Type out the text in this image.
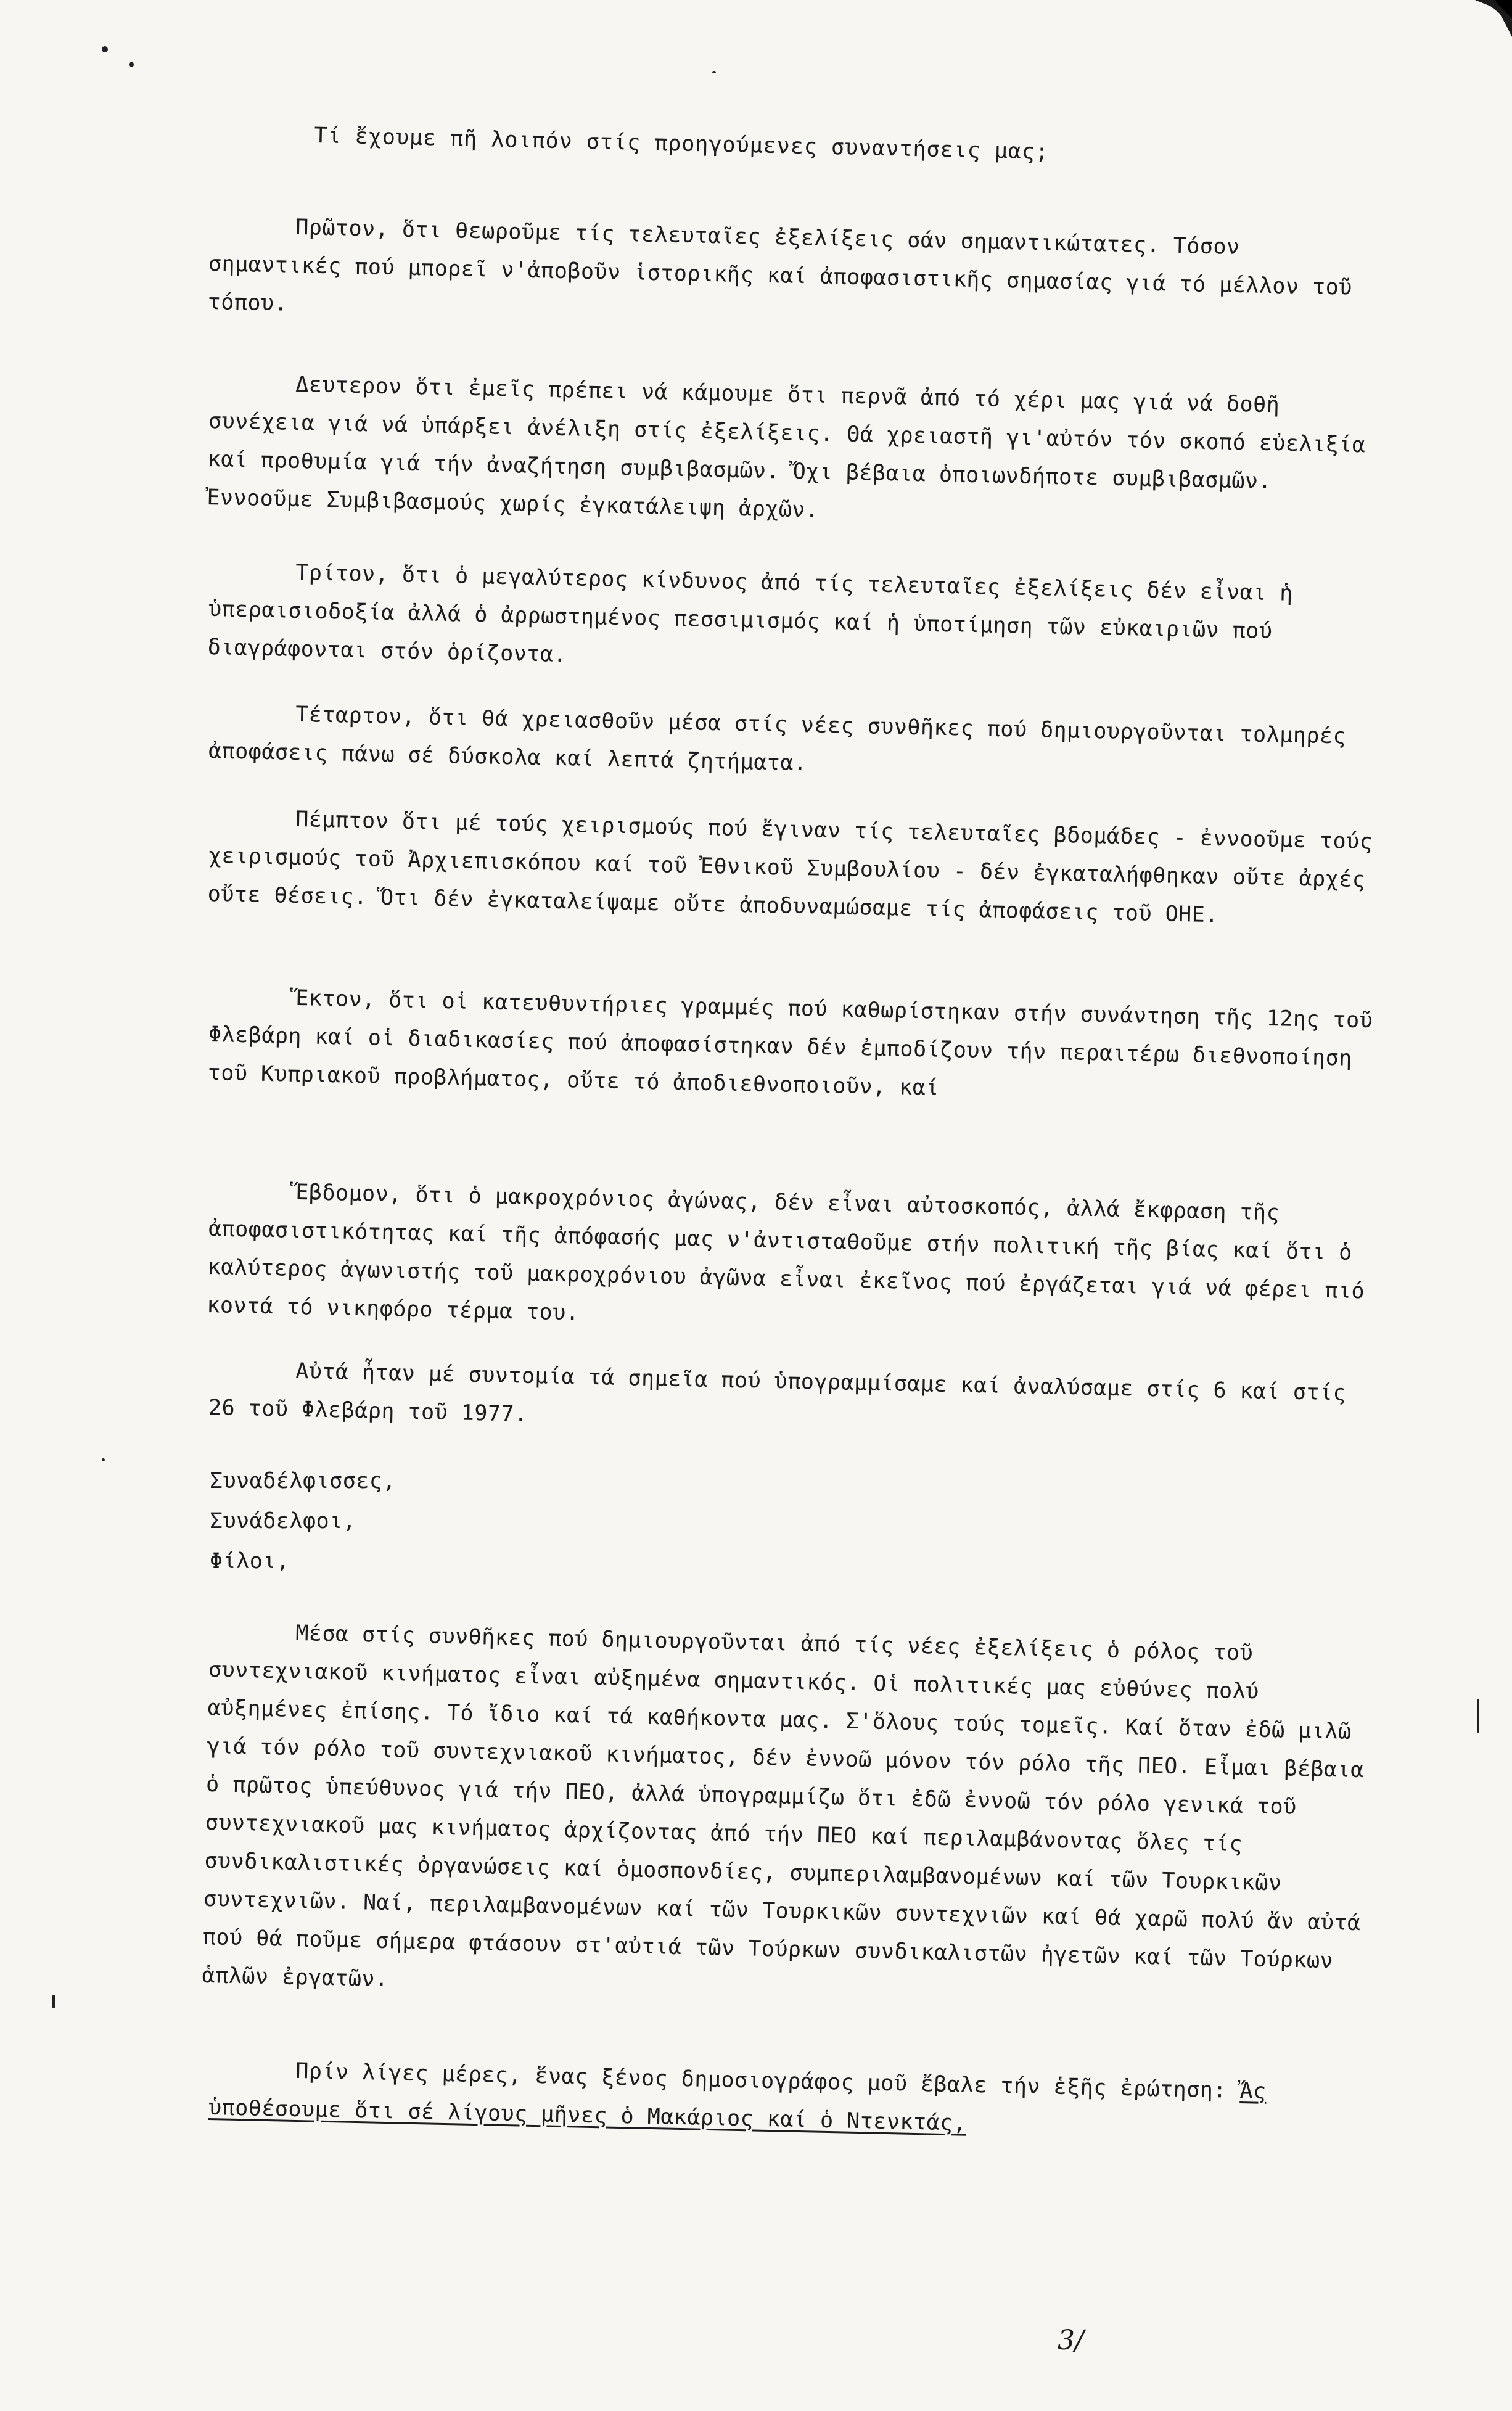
Τί ἔχουμε πῆ λοιπόν στίς προηγούμενες συναντήσεις μας;
Πρῶτον, ὅτι θεωροῦμε τίς τελευταῖες ἐξελίξεις σάν σημαντικώτατες. Τόσον σημαντικές πού μπορεῖ ν'ἀποβοῦν ἱστορικῆς καί ἀποφασιστικῆς σημασίας γιά τό μέλλον τοῦ τόπου.
Δευτερον ὅτι ἐμεῖς πρέπει νά κάμουμε ὅτι περνᾶ ἀπό τό χέρι μας γιά νά δοθῆ συνέχεια γιά νά ὑπάρξει ἀνέλιξη στίς ἐξελίξεις. Θά χρειαστῆ γι'αὐτόν τόν σκοπό εὐελιξία καί προθυμία γιά τήν ἀναζήτηση συμβιβασμῶν. Ὄχι βέβαια ὁποιωνδήποτε συμβιβασμῶν. Ἐννοοῦμε Συμβιβασμούς χωρίς ἐγκατάλειψη ἀρχῶν.
Τρίτον, ὅτι ὁ μεγαλύτερος κίνδυνος ἀπό τίς τελευταῖες ἐξελίξεις δέν εἶναι ἡ ὑπεραισιοδοξία ἀλλά ὁ ἀρρωστημένος πεσσιμισμός καί ἡ ὑποτίμηση τῶν εὐκαιριῶν πού διαγράφονται στόν ὁρίζοντα.
Τέταρτον, ὅτι θά χρειασθοῦν μέσα στίς νέες συνθῆκες πού δημιουργοῦνται τολμηρές ἀποφάσεις πάνω σέ δύσκολα καί λεπτά ζητήματα.
Πέμπτον ὅτι μέ τούς χειρισμούς πού ἔγιναν τίς τελευταῖες βδομάδες - ἐννοοῦμε τούς χειρισμούς τοῦ Ἀρχιεπισκόπου καί τοῦ Ἐθνικοῦ Συμβουλίου - δέν ἐγκαταλήφθηκαν οὔτε ἀρχές οὔτε θέσεις. Ὅτι δέν ἐγκαταλείψαμε οὔτε ἀποδυναμώσαμε τίς ἀποφάσεις τοῦ ΟΗΕ.
Ἕκτον, ὅτι οἱ κατευθυντήριες γραμμές πού καθωρίστηκαν στήν συνάντηση τῆς 12ης τοῦ Φλεβάρη καί οἱ διαδικασίες πού ἀποφασίστηκαν δέν ἐμποδίζουν τήν περαιτέρω διεθνοποίηση τοῦ Κυπριακοῦ προβλήματος, οὔτε τό ἀποδιεθνοποιοῦν, καί
Ἕβδομον, ὅτι ὁ μακροχρόνιος ἀγώνας, δέν εἶναι αὐτοσκοπός, ἀλλά ἔκφραση τῆς ἀποφασιστικότητας καί τῆς ἀπόφασής μας ν'ἀντισταθοῦμε στήν πολιτική τῆς βίας καί ὅτι ὁ καλύτερος ἀγωνιστής τοῦ μακροχρόνιου ἀγῶνα εἶναι ἐκεῖνος πού ἐργάζεται γιά νά φέρει πιό κοντά τό νικηφόρο τέρμα του.
Αὐτά ἦταν μέ συντομία τά σημεῖα πού ὑπογραμμίσαμε καί ἀναλύσαμε στίς 6 καί στίς 26 τοῦ Φλεβάρη τοῦ 1977.
Συναδέλφισσες,
Συνάδελφοι,
Φίλοι,
Μέσα στίς συνθῆκες πού δημιουργοῦνται ἀπό τίς νέες ἐξελίξεις ὁ ρόλος τοῦ συντεχνιακοῦ κινήματος εἶναι αὐξημένα σημαντικός. Οἱ πολιτικές μας εὐθύνες πολύ αὐξημένες ἐπίσης. Τό ἴδιο καί τά καθήκοντα μας. Σ'ὅλους τούς τομεῖς. Καί ὅταν ἐδῶ μιλῶ γιά τόν ρόλο τοῦ συντεχνιακοῦ κινήματος, δέν ἐννοῶ μόνον τόν ρόλο τῆς ΠΕΟ. Εἶμαι βέβαια ὁ πρῶτος ὑπεύθυνος γιά τήν ΠΕΟ, ἀλλά ὑπογραμμίζω ὅτι ἐδῶ ἐννοῶ τόν ρόλο γενικά τοῦ συντεχνιακοῦ μας κινήματος ἀρχίζοντας ἀπό τήν ΠΕΟ καί περιλαμβάνοντας ὅλες τίς συνδικαλιστικές ὀργανώσεις καί ὁμοσπονδίες, συμπεριλαμβανομένων καί τῶν Τουρκικῶν συντεχνιῶν. Ναί, περιλαμβανομένων καί τῶν Τουρκικῶν συντεχνιῶν καί θά χαρῶ πολύ ἄν αὐτά πού θά ποῦμε σήμερα φτάσουν στ'αὐτιά τῶν Τούρκων συνδικαλιστῶν ἠγετῶν καί τῶν Τούρκων ἁπλῶν ἐργατῶν.
Πρίν λίγες μέρες, ἕνας ξένος δημοσιογράφος μοῦ ἔβαλε τήν ἑξῆς ἐρώτηση: Ἄς ὑποθέσουμε ὅτι σέ λίγους μῆνες ὁ Μακάριος καί ὁ Ντενκτάς,
3/
